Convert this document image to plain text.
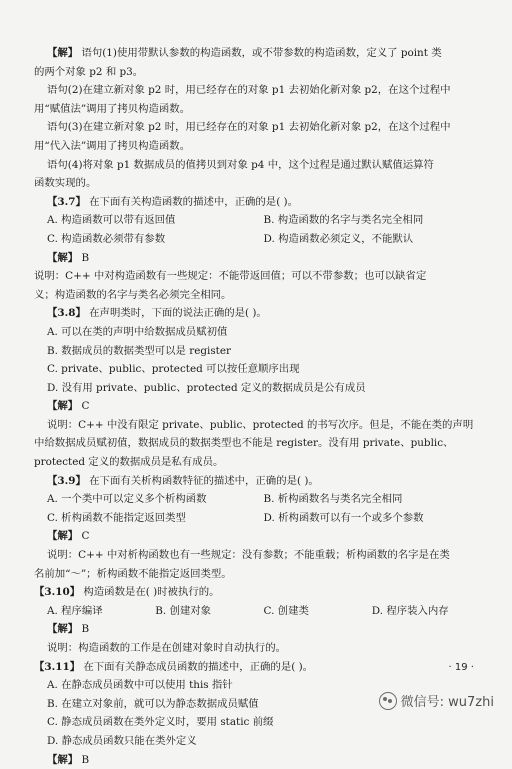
【解】 语句(1)使用带默认参数的构造函数，或不带参数的构造函数，定义了 point 类

的两个对象 p2 和 p3。

语句(2)在建立新对象 p2 时，用已经存在的对象 p1 去初始化新对象 p2，在这个过程中

用“赋值法”调用了拷贝构造函数。

语句(3)在建立新对象 p2 时，用已经存在的对象 p1 去初始化新对象 p2，在这个过程中

用“代入法”调用了拷贝构造函数。

语句(4)将对象 p1 数据成员的值拷贝到对象 p4 中，这个过程是通过默认赋值运算符

函数实现的。

【3.7】 在下面有关构造函数的描述中，正确的是( )。

A. 构造函数可以带有返回值	B. 构造函数的名字与类名完全相同
C. 构造函数必须带有参数	D. 构造函数必须定义，不能默认

【解】 B

说明：C++ 中对构造函数有一些规定：不能带返回值；可以不带参数；也可以缺省定

义；构造函数的名字与类名必须完全相同。

【3.8】 在声明类时，下面的说法正确的是( )。

A. 可以在类的声明中给数据成员赋初值

B. 数据成员的数据类型可以是 register

C. private、public、protected 可以按任意顺序出现

D. 没有用 private、public、protected 定义的数据成员是公有成员

【解】 C

说明：C++ 中没有限定 private、public、protected 的书写次序。但是，不能在类的声明

中给数据成员赋初值，数据成员的数据类型也不能是 register。没有用 private、public、

protected 定义的数据成员是私有成员。

【3.9】 在下面有关析构函数特征的描述中，正确的是( )。

A. 一个类中可以定义多个析构函数	B. 析构函数名与类名完全相同
C. 析构函数不能指定返回类型	D. 析构函数可以有一个或多个参数

【解】 C

说明：C++ 中对析构函数也有一些规定：没有参数；不能重载；析构函数的名字是在类

名前加“～”；析构函数不能指定返回类型。

【3.10】 构造函数是在( )时被执行的。

A. 程序编译	B. 创建对象	C. 创建类	D. 程序装入内存

【解】 B

说明：构造函数的工作是在创建对象时自动执行的。

【3.11】 在下面有关静态成员函数的描述中，正确的是( )。

A. 在静态成员函数中可以使用 this 指针

B. 在建立对象前，就可以为静态数据成员赋值

C. 静态成员函数在类外定义时，要用 static 前缀

D. 静态成员函数只能在类外定义

【解】 B

· 19 ·
微信号: wu7zhi
